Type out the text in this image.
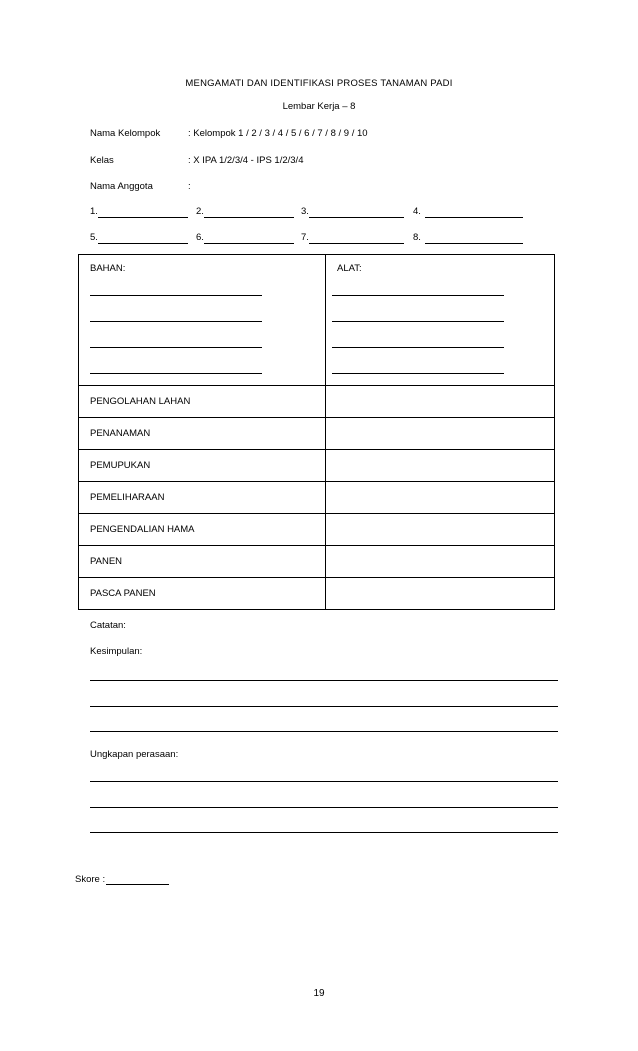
MENGAMATI DAN IDENTIFIKASI PROSES TANAMAN PADI
Lembar Kerja – 8
Nama Kelompok	: Kelompok 1 / 2 / 3 / 4 / 5 / 6 / 7 / 8 / 9 / 10
Kelas	: X IPA 1/2/3/4 - IPS 1/2/3/4
Nama Anggota	:
1.	2.	3.	4.
5.	6.	7.	8.
BAHAN:	ALAT:

PENGOLAHAN LAHAN	

PENANAMAN	

PEMUPUKAN	

PEMELIHARAAN	

PENGENDALIAN HAMA	

PANEN	

PASCA PANEN	

Catatan:
Kesimpulan:
Ungkapan perasaan:
Skore :
19
